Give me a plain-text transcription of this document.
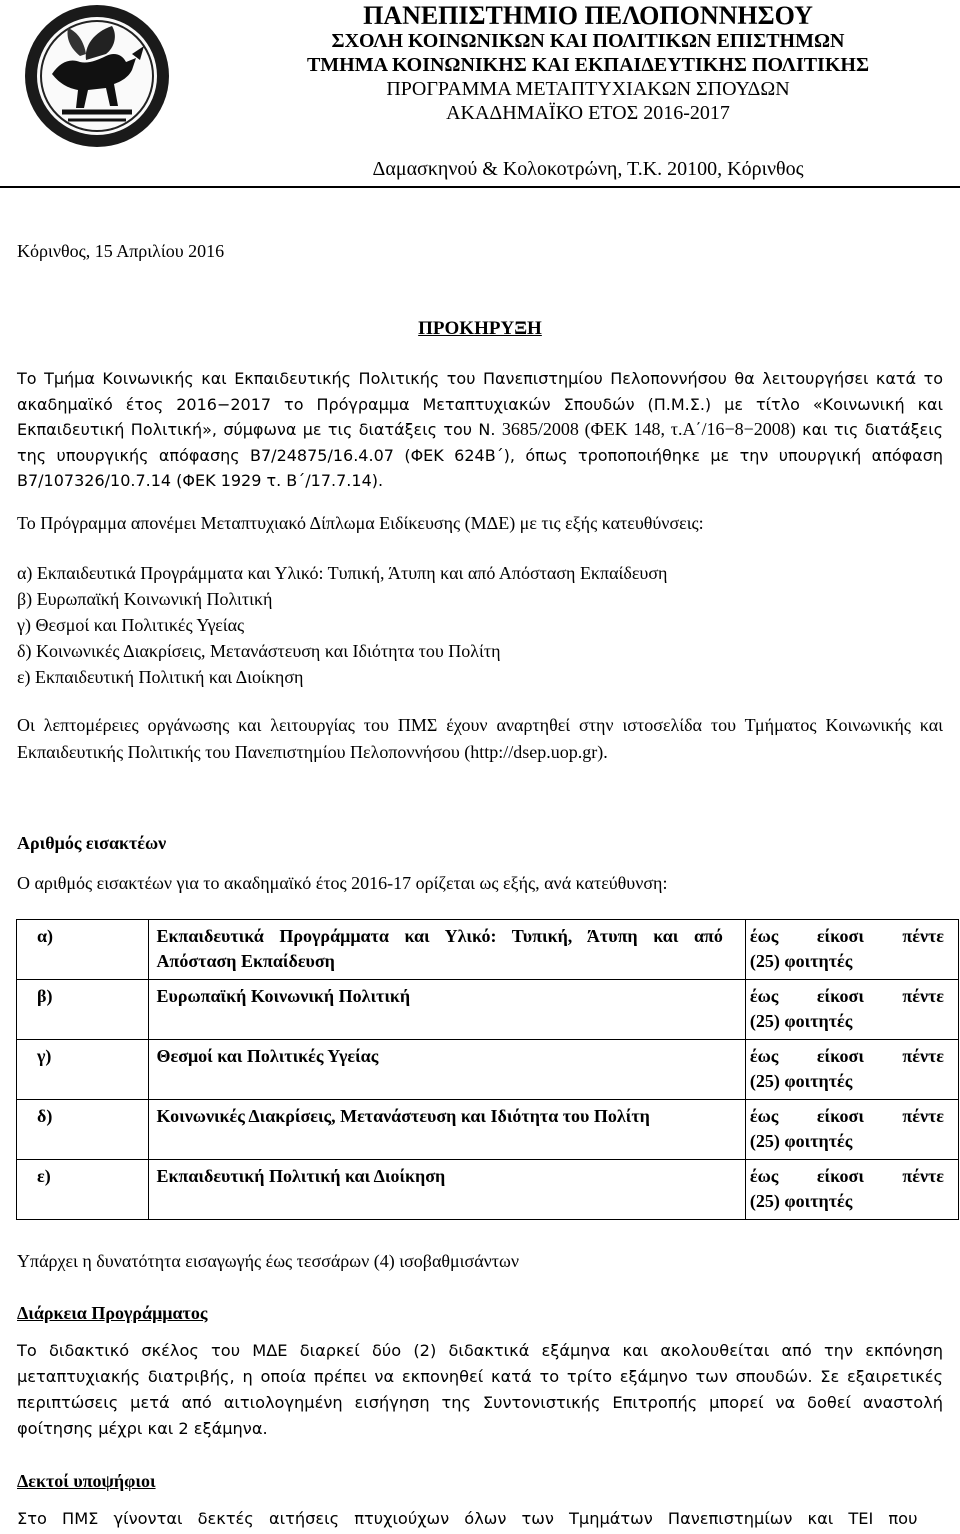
ΠΑΝΕΠΙΣΤΗΜΙΟ ΠΕΛΟΠΟΝΝΗΣΟΥ
ΣΧΟΛΗ ΚΟΙΝΩΝΙΚΩΝ ΚΑΙ ΠΟΛΙΤΙΚΩΝ ΕΠΙΣΤΗΜΩΝ
ΤΜΗΜΑ ΚΟΙΝΩΝΙΚΗΣ ΚΑΙ ΕΚΠΑΙΔΕΥΤΙΚΗΣ ΠΟΛΙΤΙΚΗΣ
ΠΡΟΓΡΑΜΜΑ ΜΕΤΑΠΤΥΧΙΑΚΩΝ ΣΠΟΥΔΩΝ
ΑΚΑΔΗΜΑΪΚΟ ΕΤΟΣ 2016-2017
Δαμασκηνού & Κολοκοτρώνη, Τ.Κ. 20100, Κόρινθος
Κόρινθος, 15 Απριλίου 2016
ΠΡΟΚΗΡΥΞΗ
Το Τμήμα Κοινωνικής και Εκπαιδευτικής Πολιτικής του Πανεπιστημίου Πελοποννήσου θα λειτουργήσει κατά το ακαδημαϊκό έτος 2016−2017 το Πρόγραμμα Μεταπτυχιακών Σπουδών (Π.Μ.Σ.) με τίτλο «Κοινωνική και Εκπαιδευτική Πολιτική», σύμφωνα με τις διατάξεις του Ν. 3685/2008 (ΦΕΚ 148, τ.Α΄/16−8−2008) και τις διατάξεις της υπουργικής απόφασης Β7/24875/16.4.07 (ΦΕΚ 624Β΄), όπως τροποποιήθηκε με την υπουργική απόφαση Β7/107326/10.7.14 (ΦΕΚ 1929 τ. Β΄/17.7.14).
Το Πρόγραμμα απονέμει Μεταπτυχιακό Δίπλωμα Ειδίκευσης (ΜΔΕ) με τις εξής κατευθύνσεις:
α) Εκπαιδευτικά Προγράμματα και Υλικό: Τυπική, Άτυπη και από Απόσταση Εκπαίδευση
β) Ευρωπαϊκή Κοινωνική Πολιτική
γ) Θεσμοί και Πολιτικές Υγείας
δ) Κοινωνικές Διακρίσεις, Μετανάστευση και Ιδιότητα του Πολίτη
ε) Εκπαιδευτική Πολιτική και Διοίκηση
Οι λεπτομέρειες οργάνωσης και λειτουργίας του ΠΜΣ έχουν αναρτηθεί στην ιστοσελίδα του Τμήματος Κοινωνικής και Εκπαιδευτικής Πολιτικής του Πανεπιστημίου Πελοποννήσου (http://dsep.uop.gr).
Αριθμός εισακτέων
Ο αριθμός εισακτέων για το ακαδημαϊκό έτος 2016-17 ορίζεται ως εξής, ανά κατεύθυνση:
α)	Εκπαιδευτικά Προγράμματα και Υλικό: Τυπική, Άτυπη και από Απόσταση Εκπαίδευση	έως είκοσι πέντε
(25) φοιτητές

β)	Ευρωπαϊκή Κοινωνική Πολιτική	έως είκοσι πέντε
(25) φοιτητές

γ)	Θεσμοί και Πολιτικές Υγείας	έως είκοσι πέντε
(25) φοιτητές

δ)	Κοινωνικές Διακρίσεις, Μετανάστευση και Ιδιότητα του Πολίτη	έως είκοσι πέντε
(25) φοιτητές

ε)	Εκπαιδευτική Πολιτική και Διοίκηση	έως είκοσι πέντε
(25) φοιτητές
Υπάρχει η δυνατότητα εισαγωγής έως τεσσάρων (4) ισοβαθμισάντων
Διάρκεια Προγράμματος
Το διδακτικό σκέλος του ΜΔΕ διαρκεί δύο (2) διδακτικά εξάμηνα και ακολουθείται από την εκπόνηση μεταπτυχιακής διατριβής, η οποία πρέπει να εκπονηθεί κατά το τρίτο εξάμηνο των σπουδών. Σε εξαιρετικές περιπτώσεις μετά από αιτιολογημένη εισήγηση της Συντονιστικής Επιτροπής μπορεί να δοθεί αναστολή φοίτησης μέχρι και 2 εξάμηνα.
Δεκτοί υποψήφιοι
Στο ΠΜΣ γίνονται δεκτές αιτήσεις πτυχιούχων όλων των Τμημάτων Πανεπιστημίων και ΤΕΙ που
